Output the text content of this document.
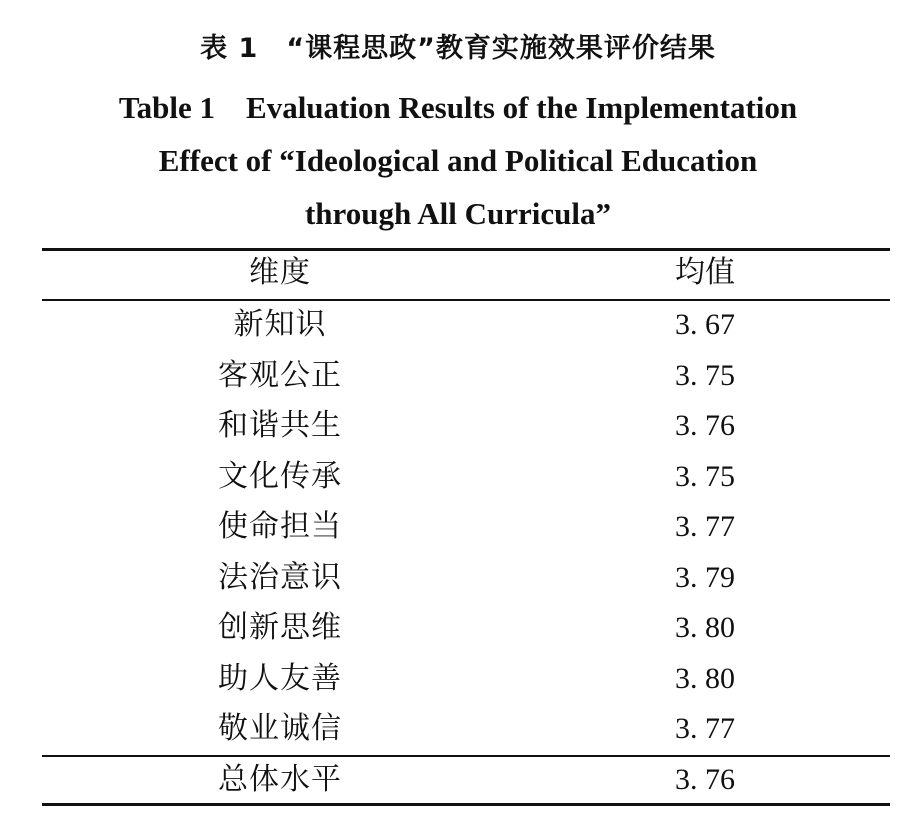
表 1　“课程思政”教育实施效果评价结果
Table 1　Evaluation Results of the Implementation
Effect of “Ideological and Political Education
through All Curricula”
维度	均值
新知识	3. 67
客观公正	3. 75
和谐共生	3. 76
文化传承	3. 75
使命担当	3. 77
法治意识	3. 79
创新思维	3. 80
助人友善	3. 80
敬业诚信	3. 77
总体水平	3. 76
